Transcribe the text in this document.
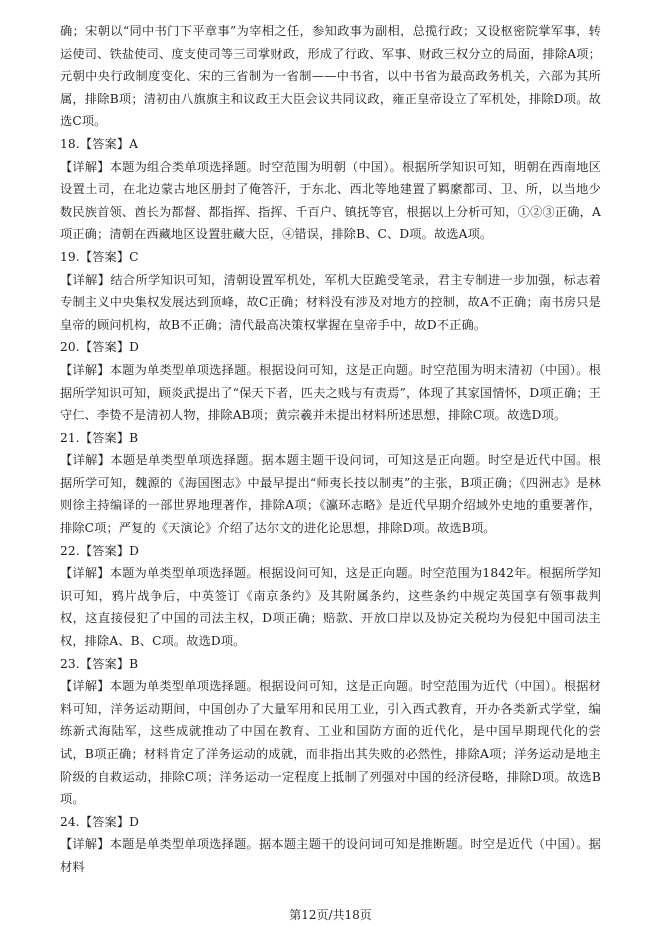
确；宋朝以“同中书门下平章事”为宰相之任，参知政事为副相，总揽行政；又设枢密院掌军事，转运使司、铁盐使司、度支使司等三司掌财政，形成了行政、军事、财政三权分立的局面，排除A项；元朝中央行政制度变化、宋的三省制为一省制——中书省，以中书省为最高政务机关，六部为其所属，排除B项；清初由八旗旗主和议政王大臣会议共同议政，雍正皇帝设立了军机处，排除D项。故选C项。

18.【答案】A

【详解】本题为组合类单项选择题。时空范围为明朝（中国）。根据所学知识可知，明朝在西南地区设置土司，在北边蒙古地区册封了俺答汗，于东北、西北等地建置了羁縻都司、卫、所，以当地少数民族首领、酋长为都督、都指挥、指挥、千百户、镇抚等官，根据以上分析可知，①②③正确，A项正确；清朝在西藏地区设置驻藏大臣，④错误，排除B、C、D项。故选A项。

19.【答案】C

【详解】结合所学知识可知，清朝设置军机处，军机大臣跪受笔录，君主专制进一步加强，标志着专制主义中央集权发展达到顶峰，故C正确；材料没有涉及对地方的控制，故A不正确；南书房只是皇帝的顾问机构，故B不正确；清代最高决策权掌握在皇帝手中，故D不正确。

20.【答案】D

【详解】本题为单类型单项选择题。根据设问可知，这是正向题。时空范围为明末清初（中国）。根据所学知识可知，顾炎武提出了“保天下者，匹夫之贱与有责焉”，体现了其家国情怀，D项正确；王守仁、李贽不是清初人物，排除AB项；黄宗羲并未提出材料所述思想，排除C项。故选D项。

21.【答案】B

【详解】本题是单类型单项选择题。据本题主题干设问词，可知这是正向题。时空是近代中国。根据所学可知，魏源的《海国图志》中最早提出“师夷长技以制夷”的主张，B项正确；《四洲志》是林则徐主持编译的一部世界地理著作，排除A项；《瀛环志略》是近代早期介绍域外史地的重要著作，排除C项；严复的《天演论》介绍了达尔文的进化论思想，排除D项。故选B项。

22.【答案】D

【详解】本题为单类型单项选择题。根据设问可知，这是正向题。时空范围为1842年。根据所学知识可知，鸦片战争后，中英签订《南京条约》及其附属条约，这些条约中规定英国享有领事裁判权，这直接侵犯了中国的司法主权，D项正确；赔款、开放口岸以及协定关税均为侵犯中国司法主权，排除A、B、C项。故选D项。

23.【答案】B

【详解】本题为单类型单项选择题。根据设问可知，这是正向题。时空范围为近代（中国）。根据材料可知，洋务运动期间，中国创办了大量军用和民用工业，引入西式教育，开办各类新式学堂，编练新式海陆军，这些成就推动了中国在教育、工业和国防方面的近代化，是中国早期现代化的尝试，B项正确；材料肯定了洋务运动的成就，而非指出其失败的必然性，排除A项；洋务运动是地主阶级的自救运动，排除C项；洋务运动一定程度上抵制了列强对中国的经济侵略，排除D项。故选B项。

24.【答案】D

【详解】本题是单类型单项选择题。据本题主题干的设问词可知是推断题。时空是近代（中国）。据材料

第12页/共18页
